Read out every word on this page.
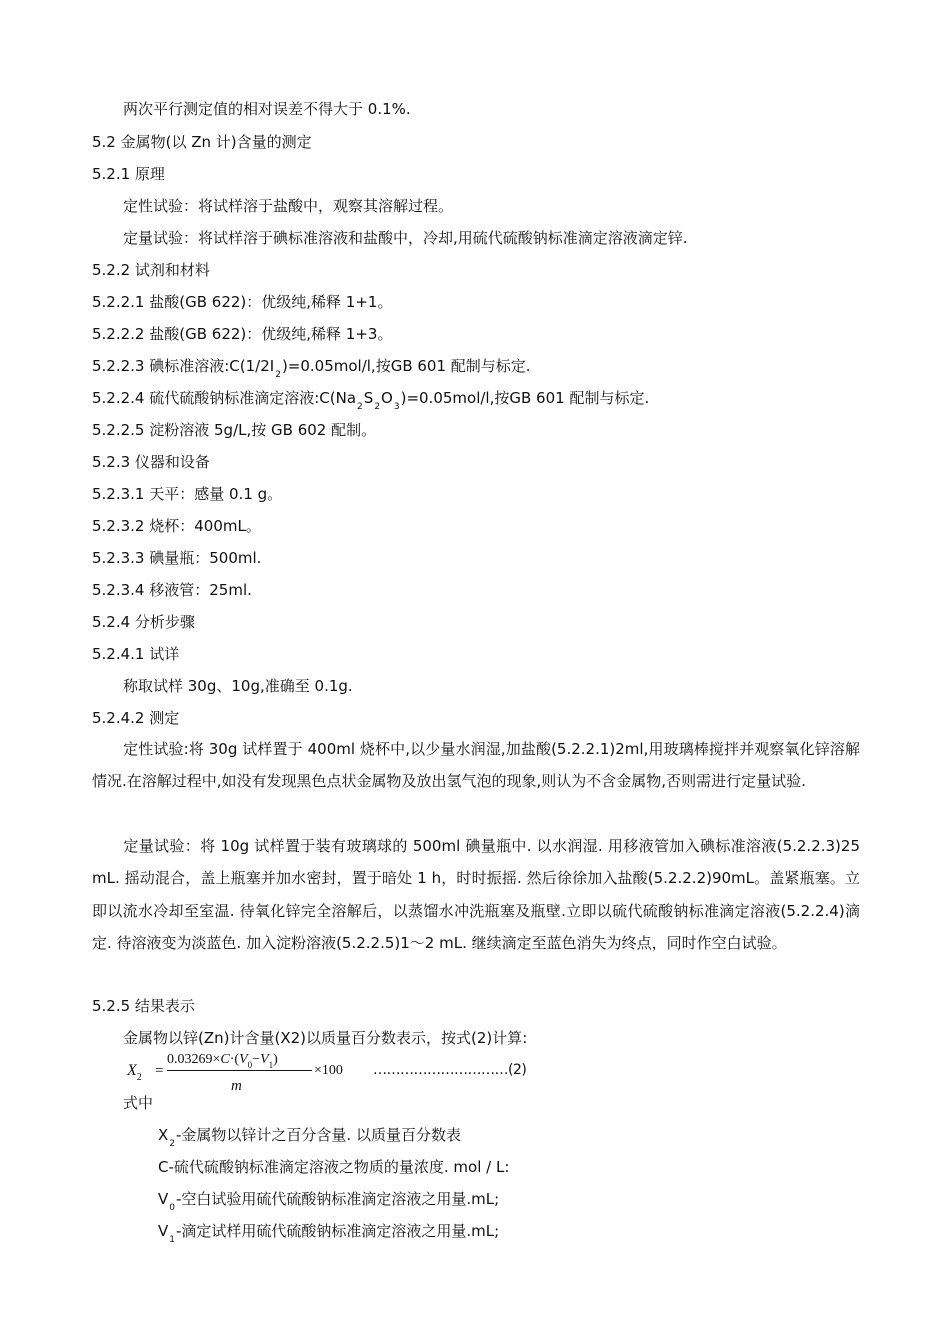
两次平行测定值的相对误差不得大于 0.1%.
5.2 金属物(以 Zn 计)含量的测定
5.2.1 原理
定性试验：将试样溶于盐酸中，观察其溶解过程。
定量试验：将试样溶于碘标准溶液和盐酸中，冷却,用硫代硫酸钠标准滴定溶液滴定锌.
5.2.2 试剂和材料
5.2.2.1 盐酸(GB 622)：优级纯,稀释 1+1。
5.2.2.2 盐酸(GB 622)：优级纯,稀释 1+3。
5.2.2.3 碘标准溶液$:C(1/2I_2)=0.05mol/l$,按GB 601 配制与标定.
5.2.2.4 硫代硫酸钠标准滴定溶液$:C(Na_2S_2O_3)=0.05mol/l$,按GB 601 配制与标定.
5.2.2.5 淀粉溶液 5g/L,按 GB 602 配制。
5.2.3 仪器和设备
5.2.3.1 天平：感量 0.1 g。
5.2.3.2 烧杯：400mL。
5.2.3.3 碘量瓶：500ml.
5.2.3.4 移液管：25ml.
5.2.4 分析步骤
5.2.4.1 试详
称取试样 30g、10g,准确至 0.1g.
5.2.4.2 测定
定性试验:将 30g 试样置于 400ml 烧杯中,以少量水润湿,加盐酸(5.2.2.1)2ml,用玻璃棒搅拌并观察氧化锌溶解情况.在溶解过程中,如没有发现黑色点状金属物及放出氢气泡的现象,则认为不含金属物,否则需进行定量试验.
定量试验：将 10g 试样置于装有玻璃球的 500ml 碘量瓶中. 以水润湿. 用移液管加入碘标准溶液(5.2.2.3)25 mL. 摇动混合，盖上瓶塞并加水密封，置于暗处 1 h，时时振摇. 然后徐徐加入盐酸(5.2.2.2)90mL。盖紧瓶塞。立即以流水冷却至室温. 待氧化锌完全溶解后，以蒸馏水冲洗瓶塞及瓶壁.立即以硫代硫酸钠标准滴定溶液(5.2.2.4)滴定. 待溶液变为淡蓝色. 加入淀粉溶液(5.2.2.5)1～2 mL. 继续滴定至蓝色消失为终点，同时作空白试验。
5.2.5 结果表示
金属物以锌(Zn)计含量(X2)以质量百分数表示，按式(2)计算:
$X_2$ =
$0.03269\times C\cdot(V_0-V_1)$
m
×100 …………………………(2)
式中
$X_2-$金属物以锌计之百分含量. 以质量百分数表
C-硫代硫酸钠标准滴定溶液之物质的量浓度. mol / L:
$V_0-$空白试验用硫代硫酸钠标准滴定溶液之用量.mL;
$V_1-$滴定试样用硫代硫酸钠标准滴定溶液之用量.mL;
